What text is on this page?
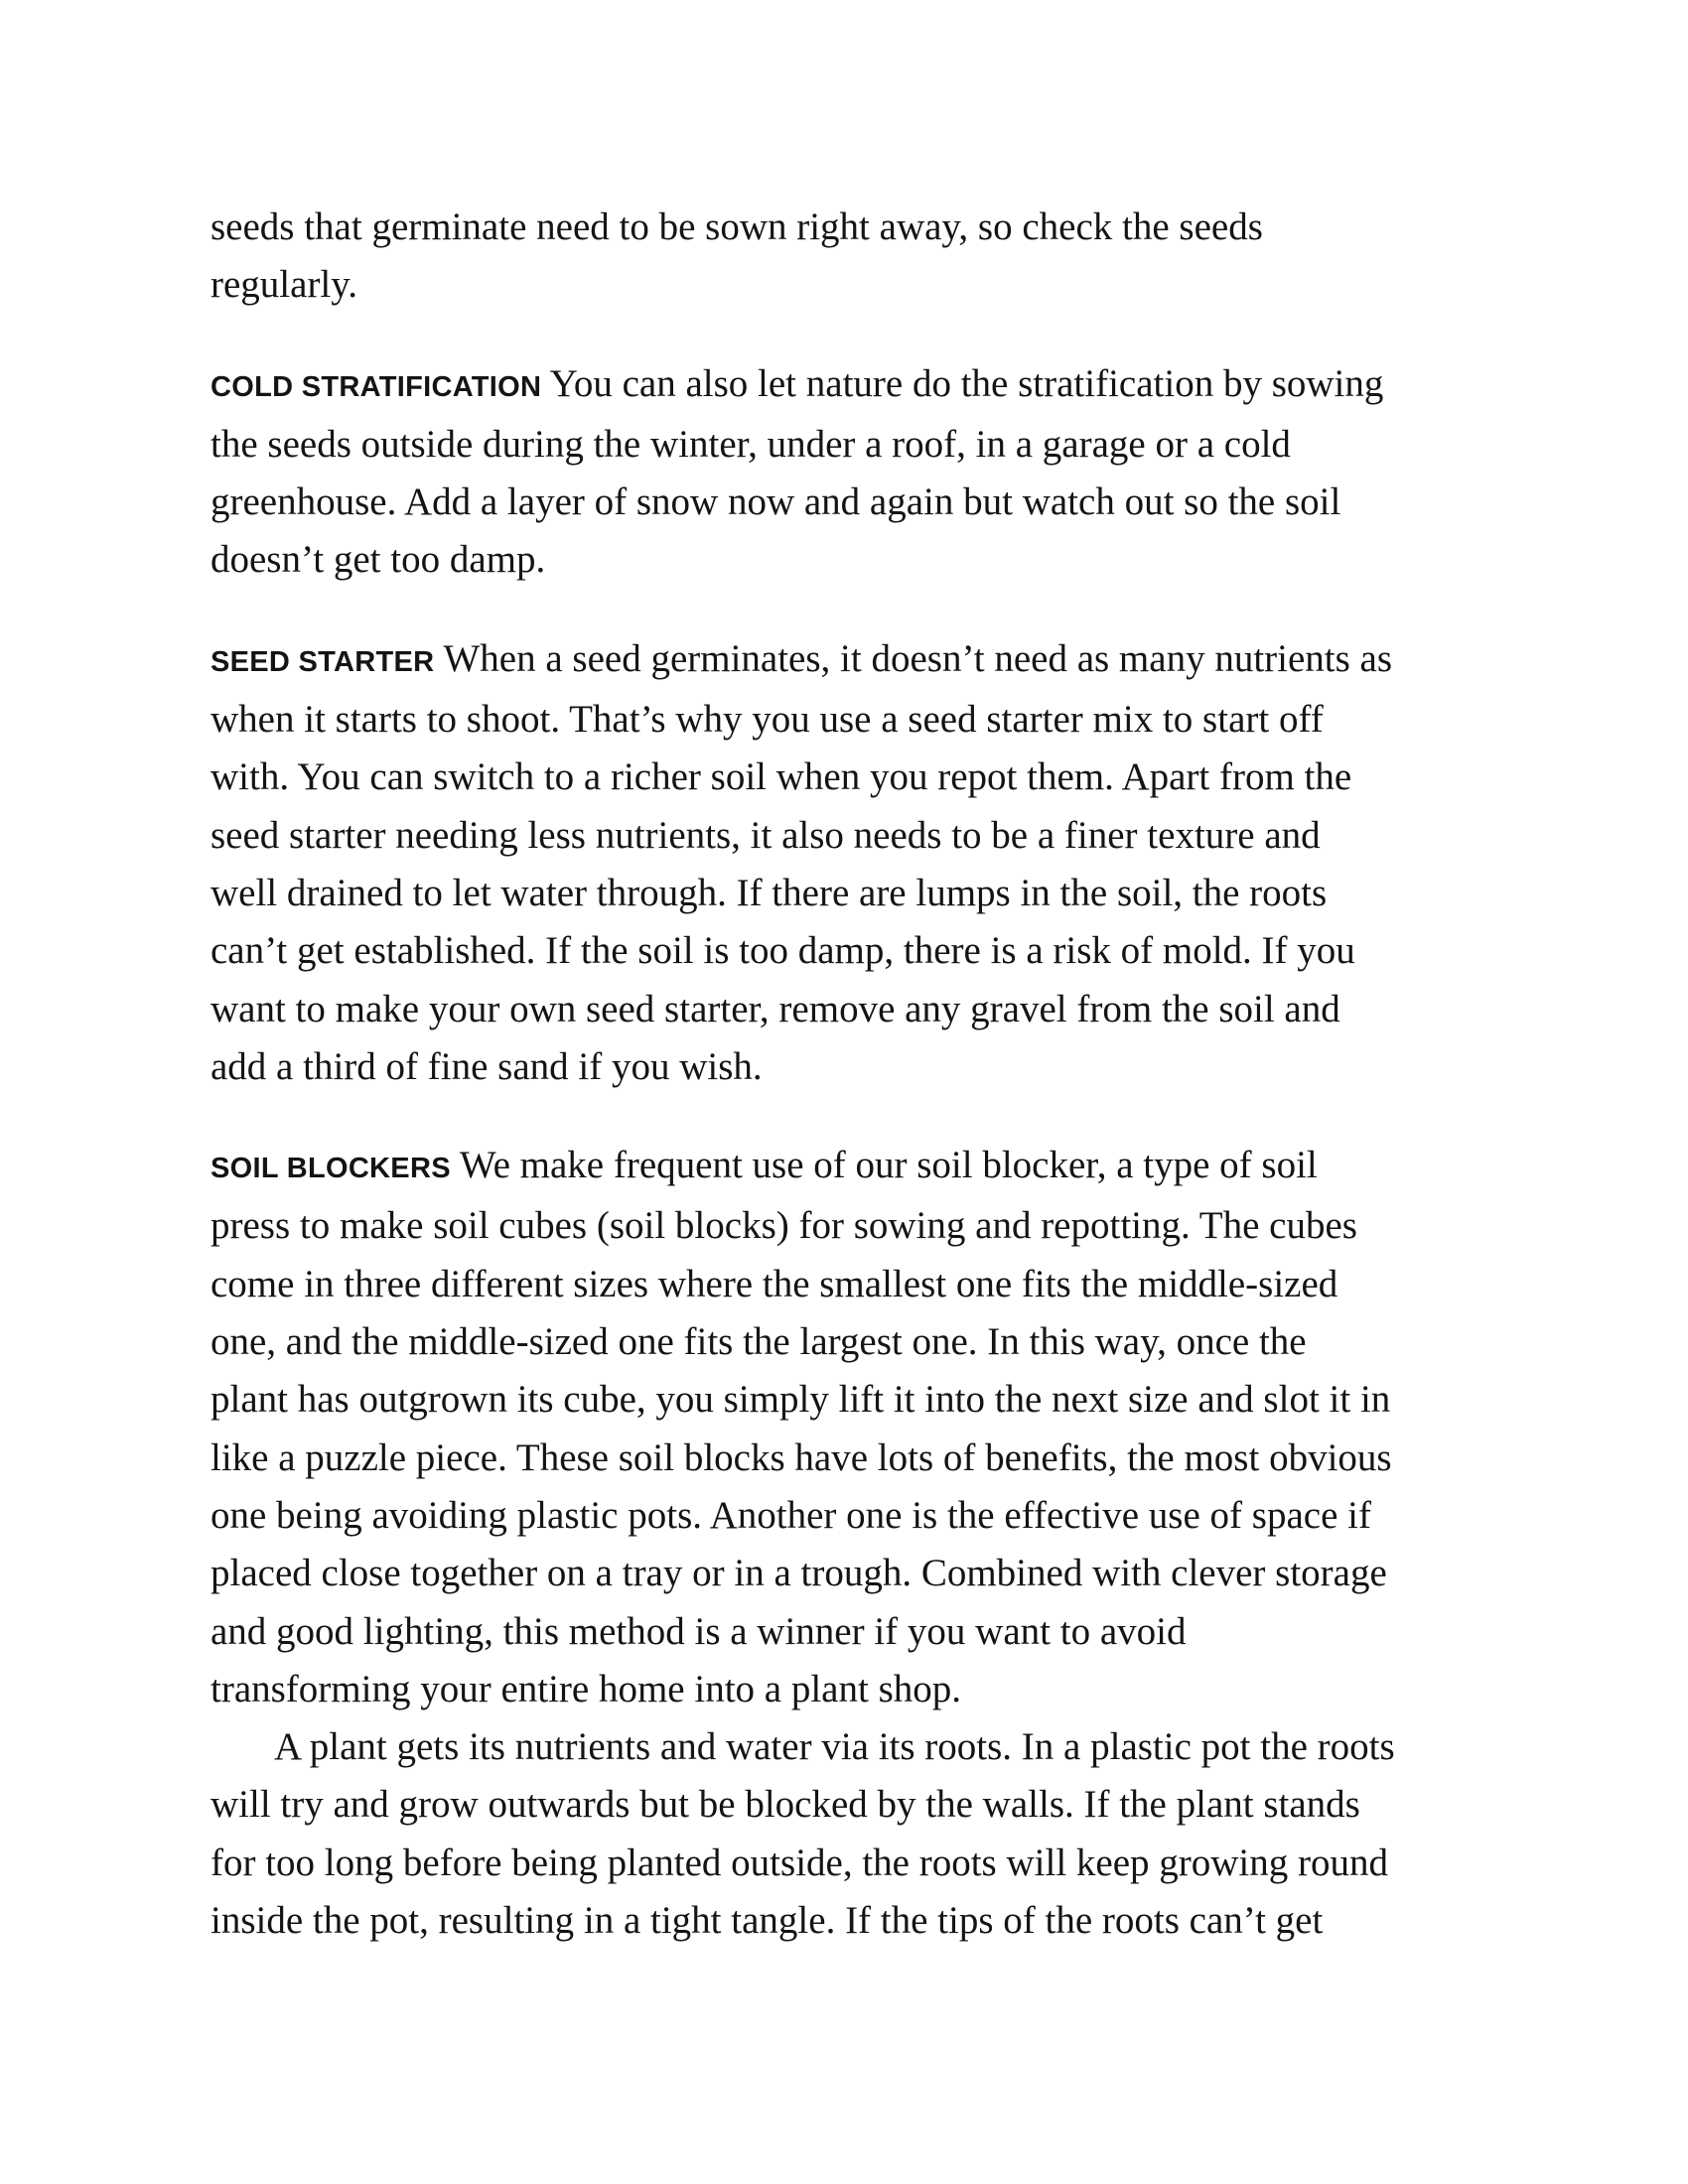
seeds that germinate need to be sown right away, so check the seeds
regularly.

COLD STRATIFICATION You can also let nature do the stratification by sowing
the seeds outside during the winter, under a roof, in a garage or a cold
greenhouse. Add a layer of snow now and again but watch out so the soil
doesn’t get too damp.

SEED STARTER When a seed germinates, it doesn’t need as many nutrients as
when it starts to shoot. That’s why you use a seed starter mix to start off
with. You can switch to a richer soil when you repot them. Apart from the
seed starter needing less nutrients, it also needs to be a finer texture and
well drained to let water through. If there are lumps in the soil, the roots
can’t get established. If the soil is too damp, there is a risk of mold. If you
want to make your own seed starter, remove any gravel from the soil and
add a third of fine sand if you wish.

SOIL BLOCKERS We make frequent use of our soil blocker, a type of soil
press to make soil cubes (soil blocks) for sowing and repotting. The cubes
come in three different sizes where the smallest one fits the middle-sized
one, and the middle-sized one fits the largest one. In this way, once the
plant has outgrown its cube, you simply lift it into the next size and slot it in
like a puzzle piece. These soil blocks have lots of benefits, the most obvious
one being avoiding plastic pots. Another one is the effective use of space if
placed close together on a tray or in a trough. Combined with clever storage
and good lighting, this method is a winner if you want to avoid
transforming your entire home into a plant shop.

A plant gets its nutrients and water via its roots. In a plastic pot the roots
will try and grow outwards but be blocked by the walls. If the plant stands
for too long before being planted outside, the roots will keep growing round
inside the pot, resulting in a tight tangle. If the tips of the roots can’t get
